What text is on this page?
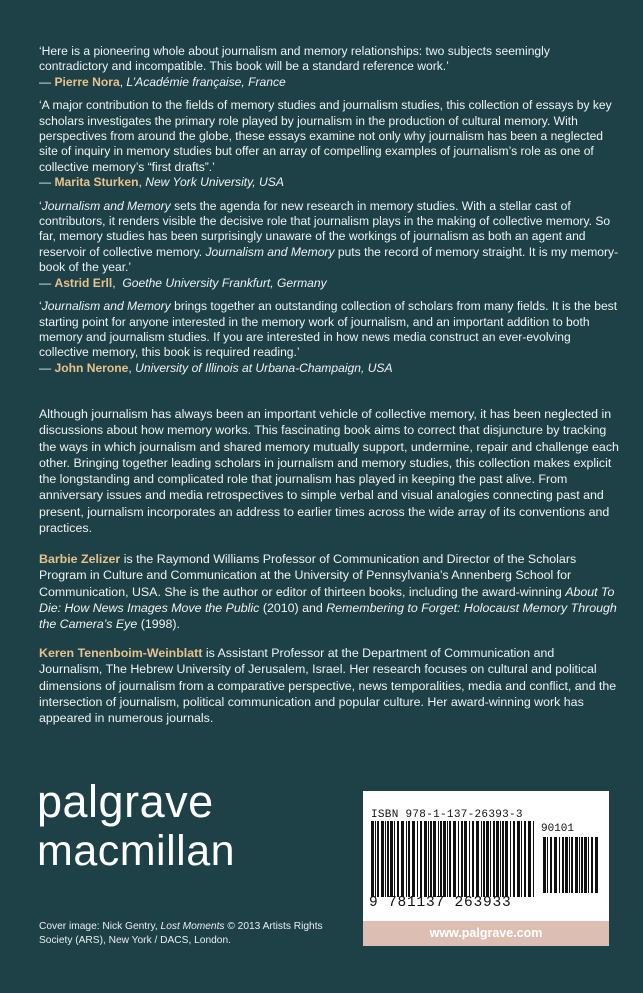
‘Here is a pioneering whole about journalism and memory relationships: two subjects seemingly contradictory and incompatible. This book will be a standard reference work.’
— Pierre Nora, L’Académie française, France

‘A major contribution to the fields of memory studies and journalism studies, this collection of essays by key scholars investigates the primary role played by journalism in the production of cultural memory. With perspectives from around the globe, these essays examine not only why journalism has been a neglected site of inquiry in memory studies but offer an array of compelling examples of journalism’s role as one of collective memory’s “first drafts”.’
— Marita Sturken, New York University, USA

‘Journalism and Memory sets the agenda for new research in memory studies. With a stellar cast of contributors, it renders visible the decisive role that journalism plays in the making of collective memory. So far, memory studies has been surprisingly unaware of the workings of journalism as both an agent and reservoir of collective memory. Journalism and Memory puts the record of memory straight. It is my memory-book of the year.’
— Astrid Erll,  Goethe University Frankfurt, Germany

‘Journalism and Memory brings together an outstanding collection of scholars from many fields. It is the best starting point for anyone interested in the memory work of journalism, and an important addition to both memory and journalism studies. If you are interested in how news media construct an ever-evolving collective memory, this book is required reading.’
— John Nerone, University of Illinois at Urbana-Champaign, USA

Although journalism has always been an important vehicle of collective memory, it has been neglected in discussions about how memory works. This fascinating book aims to correct that disjuncture by tracking the ways in which journalism and shared memory mutually support, undermine, repair and challenge each other. Bringing together leading scholars in journalism and memory studies, this collection makes explicit the longstanding and complicated role that journalism has played in keeping the past alive. From anniversary issues and media retrospectives to simple verbal and visual analogies connecting past and present, journalism incorporates an address to earlier times across the wide array of its conventions and practices.

Barbie Zelizer is the Raymond Williams Professor of Communication and Director of the Scholars Program in Culture and Communication at the University of Pennsylvania’s Annenberg School for Communication, USA. She is the author or editor of thirteen books, including the award-winning About To Die: How News Images Move the Public (2010) and Remembering to Forget: Holocaust Memory Through the Camera’s Eye (1998).

Keren Tenenboim-Weinblatt is Assistant Professor at the Department of Communication and Journalism, The Hebrew University of Jerusalem, Israel. Her research focuses on cultural and political dimensions of journalism from a comparative perspective, news temporalities, media and conflict, and the intersection of journalism, political communication and popular culture. Her award-winning work has appeared in numerous journals.

palgrave
macmillan

Cover image: Nick Gentry, Lost Moments © 2013 Artists Rights Society (ARS), New York / DACS, London.

ISBN 978-1-137-26393-3
90101
9 781137 263933
www.palgrave.com
